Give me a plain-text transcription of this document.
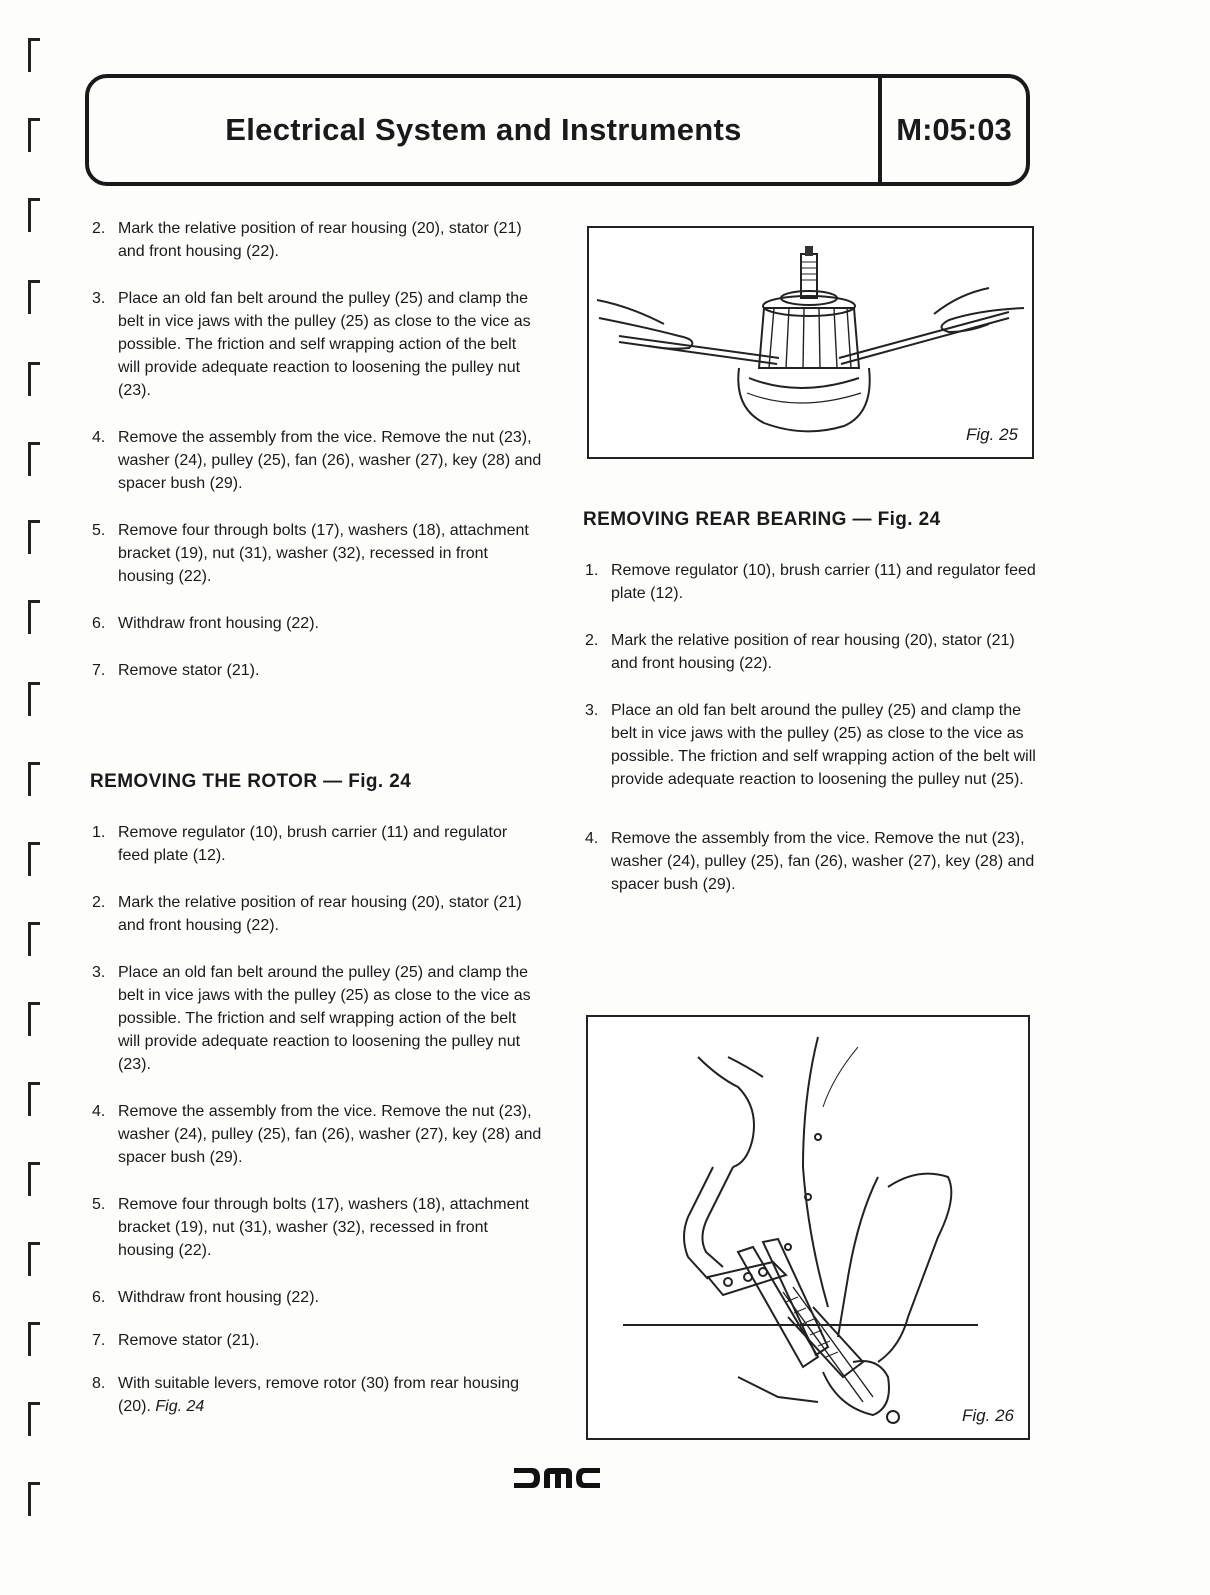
Electrical System and Instruments	M:05:03
2. Mark the relative position of rear housing (20), stator (21) and front housing (22).
3. Place an old fan belt around the pulley (25) and clamp the belt in vice jaws with the pulley (25) as close to the vice as possible. The friction and self wrapping action of the belt will provide adequate reaction to loosening the pulley nut (23).
4. Remove the assembly from the vice. Remove the nut (23), washer (24), pulley (25), fan (26), washer (27), key (28) and spacer bush (29).
5. Remove four through bolts (17), washers (18), attachment bracket (19), nut (31), washer (32), recessed in front housing (22).
6. Withdraw front housing (22).
7. Remove stator (21).
REMOVING THE ROTOR — Fig. 24
1. Remove regulator (10), brush carrier (11) and regulator feed plate (12).
2. Mark the relative position of rear housing (20), stator (21) and front housing (22).
3. Place an old fan belt around the pulley (25) and clamp the belt in vice jaws with the pulley (25) as close to the vice as possible. The friction and self wrapping action of the belt will provide adequate reaction to loosening the pulley nut (23).
4. Remove the assembly from the vice. Remove the nut (23), washer (24), pulley (25), fan (26), washer (27), key (28) and spacer bush (29).
5. Remove four through bolts (17), washers (18), attachment bracket (19), nut (31), washer (32), recessed in front housing (22).
6. Withdraw front housing (22).
7. Remove stator (21).
8. With suitable levers, remove rotor (30) from rear housing (20). Fig. 24
Fig. 25
REMOVING REAR BEARING — Fig. 24
1. Remove regulator (10), brush carrier (11) and regulator feed plate (12).
2. Mark the relative position of rear housing (20), stator (21) and front housing (22).
3. Place an old fan belt around the pulley (25) and clamp the belt in vice jaws with the pulley (25) as close to the vice as possible. The friction and self wrapping action of the belt will provide adequate reaction to loosening the pulley nut (25).
4. Remove the assembly from the vice. Remove the nut (23), washer (24), pulley (25), fan (26), washer (27), key (28) and spacer bush (29).
Fig. 26
